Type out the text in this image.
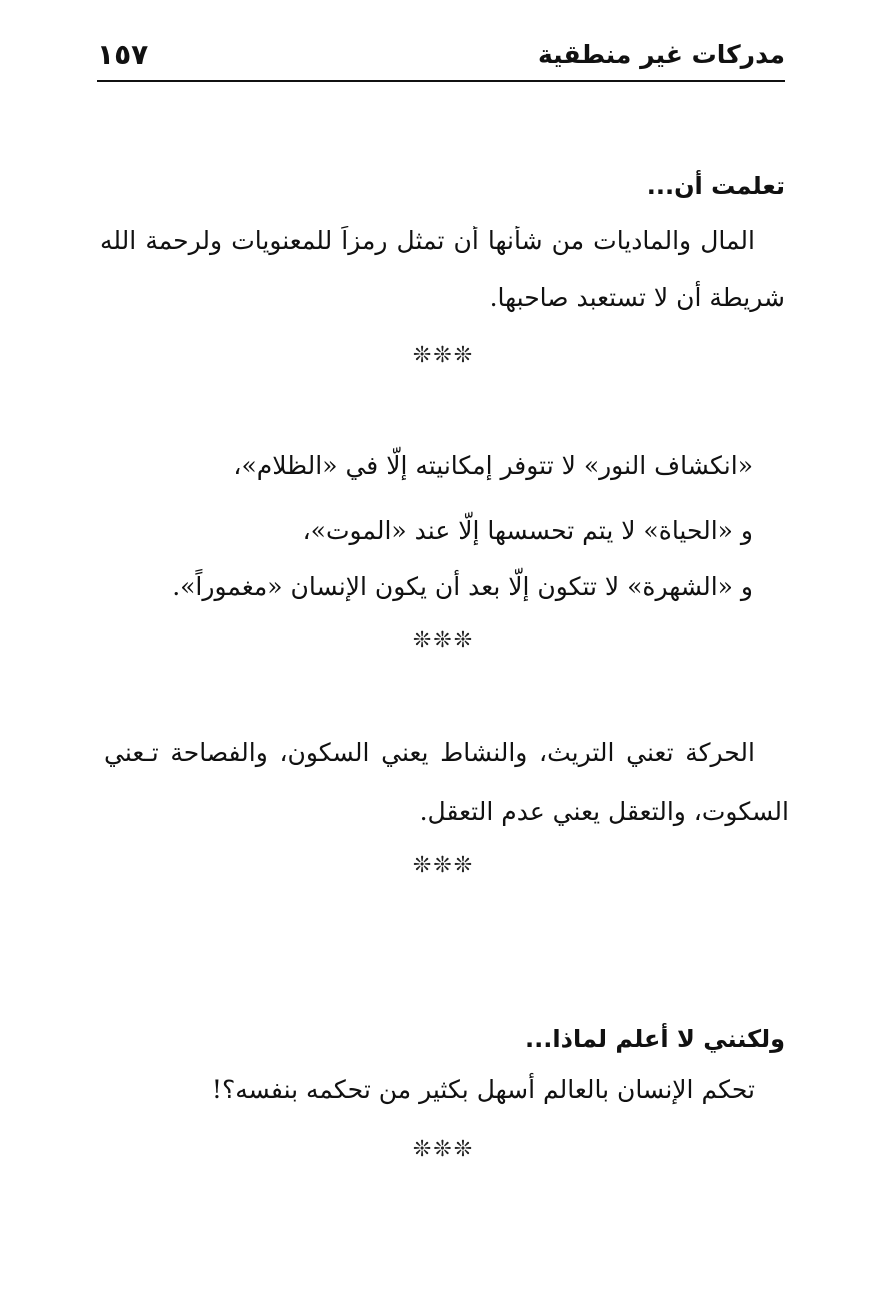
مدركات غير منطقية
١٥٧
تعلمت أن...
المال والماديات من شأنها أن تمثل رمزاً للمعنويات ولرحمة الله
شريطة أن لا تستعبد صاحبها.
❊❊❊
«انكشاف النور» لا تتوفر إمكانيته إلّا في «الظلام»،
و «الحياة» لا يتم تحسسها إلّا عند «الموت»،
و «الشهرة» لا تتكون إلّا بعد أن يكون الإنسان «مغموراً».
❊❊❊
الحركة تعني التريث، والنشاط يعني السكون، والفصاحة تـعني
السكوت، والتعقل يعني عدم التعقل.
❊❊❊
ولكنني لا أعلم لماذا...
تحكم الإنسان بالعالم أسهل بكثير من تحكمه بنفسه؟!
❊❊❊
